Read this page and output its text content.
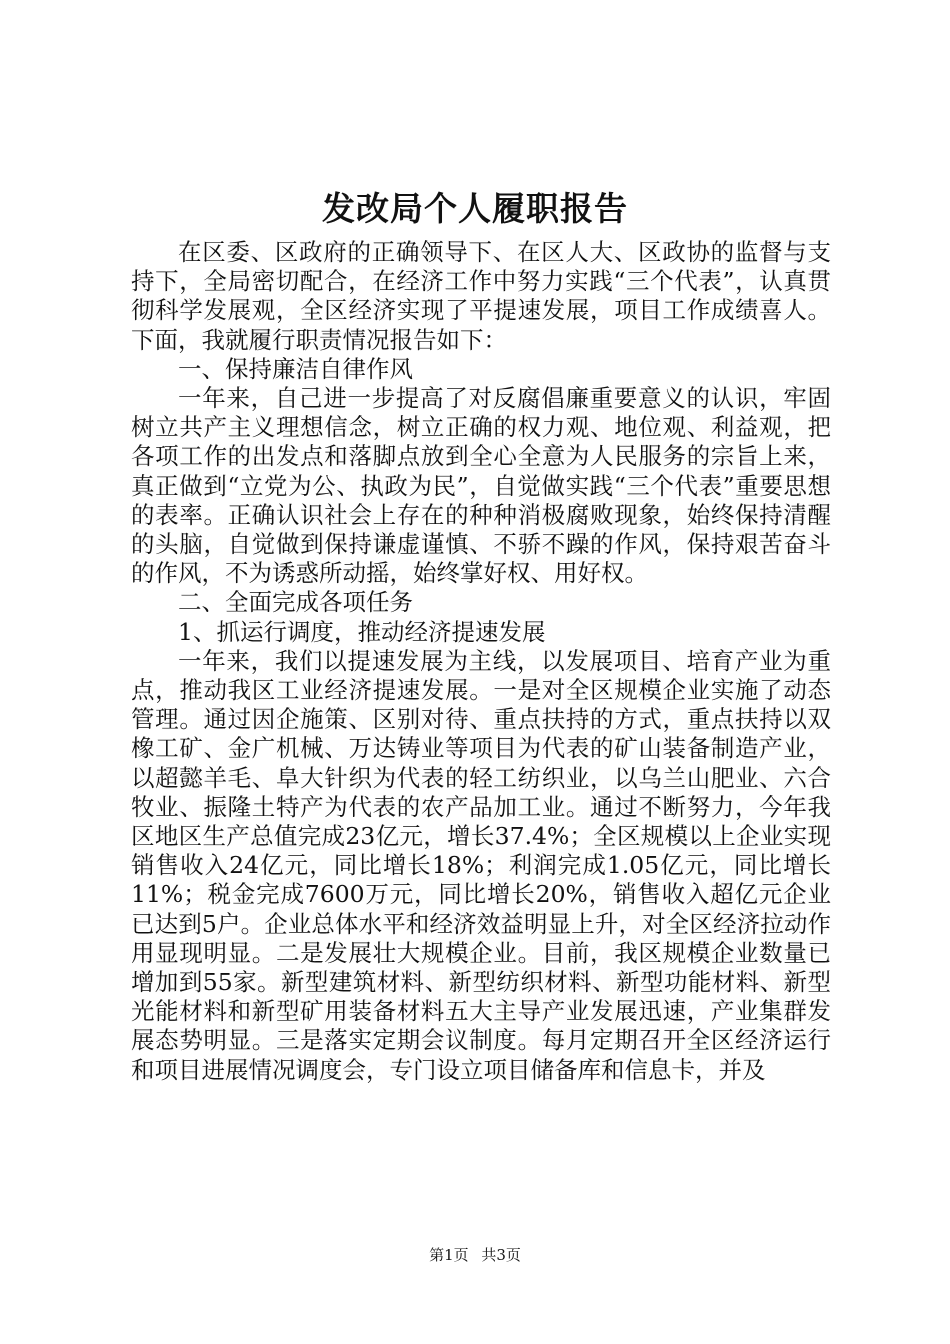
发改局个人履职报告

在区委、区政府的正确领导下、在区人大、区政协的监督与支持下，全局密切配合，在经济工作中努力实践“三个代表”，认真贯彻科学发展观，全区经济实现了平提速发展，项目工作成绩喜人。下面，我就履行职责情况报告如下：

一、保持廉洁自律作风

一年来，自己进一步提高了对反腐倡廉重要意义的认识，牢固树立共产主义理想信念，树立正确的权力观、地位观、利益观，把各项工作的出发点和落脚点放到全心全意为人民服务的宗旨上来，真正做到“立党为公、执政为民”，自觉做实践“三个代表”重要思想的表率。正确认识社会上存在的种种消极腐败现象，始终保持清醒的头脑，自觉做到保持谦虚谨慎、不骄不躁的作风，保持艰苦奋斗的作风，不为诱惑所动摇，始终掌好权、用好权。

二、全面完成各项任务

1、抓运行调度，推动经济提速发展

一年来，我们以提速发展为主线，以发展项目、培育产业为重点，推动我区工业经济提速发展。一是对全区规模企业实施了动态管理。通过因企施策、区别对待、重点扶持的方式，重点扶持以双橡工矿、金广机械、万达铸业等项目为代表的矿山装备制造产业，以超懿羊毛、阜大针织为代表的轻工纺织业，以乌兰山肥业、六合牧业、振隆土特产为代表的农产品加工业。通过不断努力，今年我区地区生产总值完成23亿元，增长37.4%；全区规模以上企业实现销售收入24亿元，同比增长18%；利润完成1.05亿元，同比增长11%；税金完成7600万元，同比增长20%，销售收入超亿元企业已达到5户。企业总体水平和经济效益明显上升，对全区经济拉动作用显现明显。二是发展壮大规模企业。目前，我区规模企业数量已增加到55家。新型建筑材料、新型纺织材料、新型功能材料、新型光能材料和新型矿用装备材料五大主导产业发展迅速，产业集群发展态势明显。三是落实定期会议制度。每月定期召开全区经济运行和项目进展情况调度会，专门设立项目储备库和信息卡，并及

第1页 共3页
